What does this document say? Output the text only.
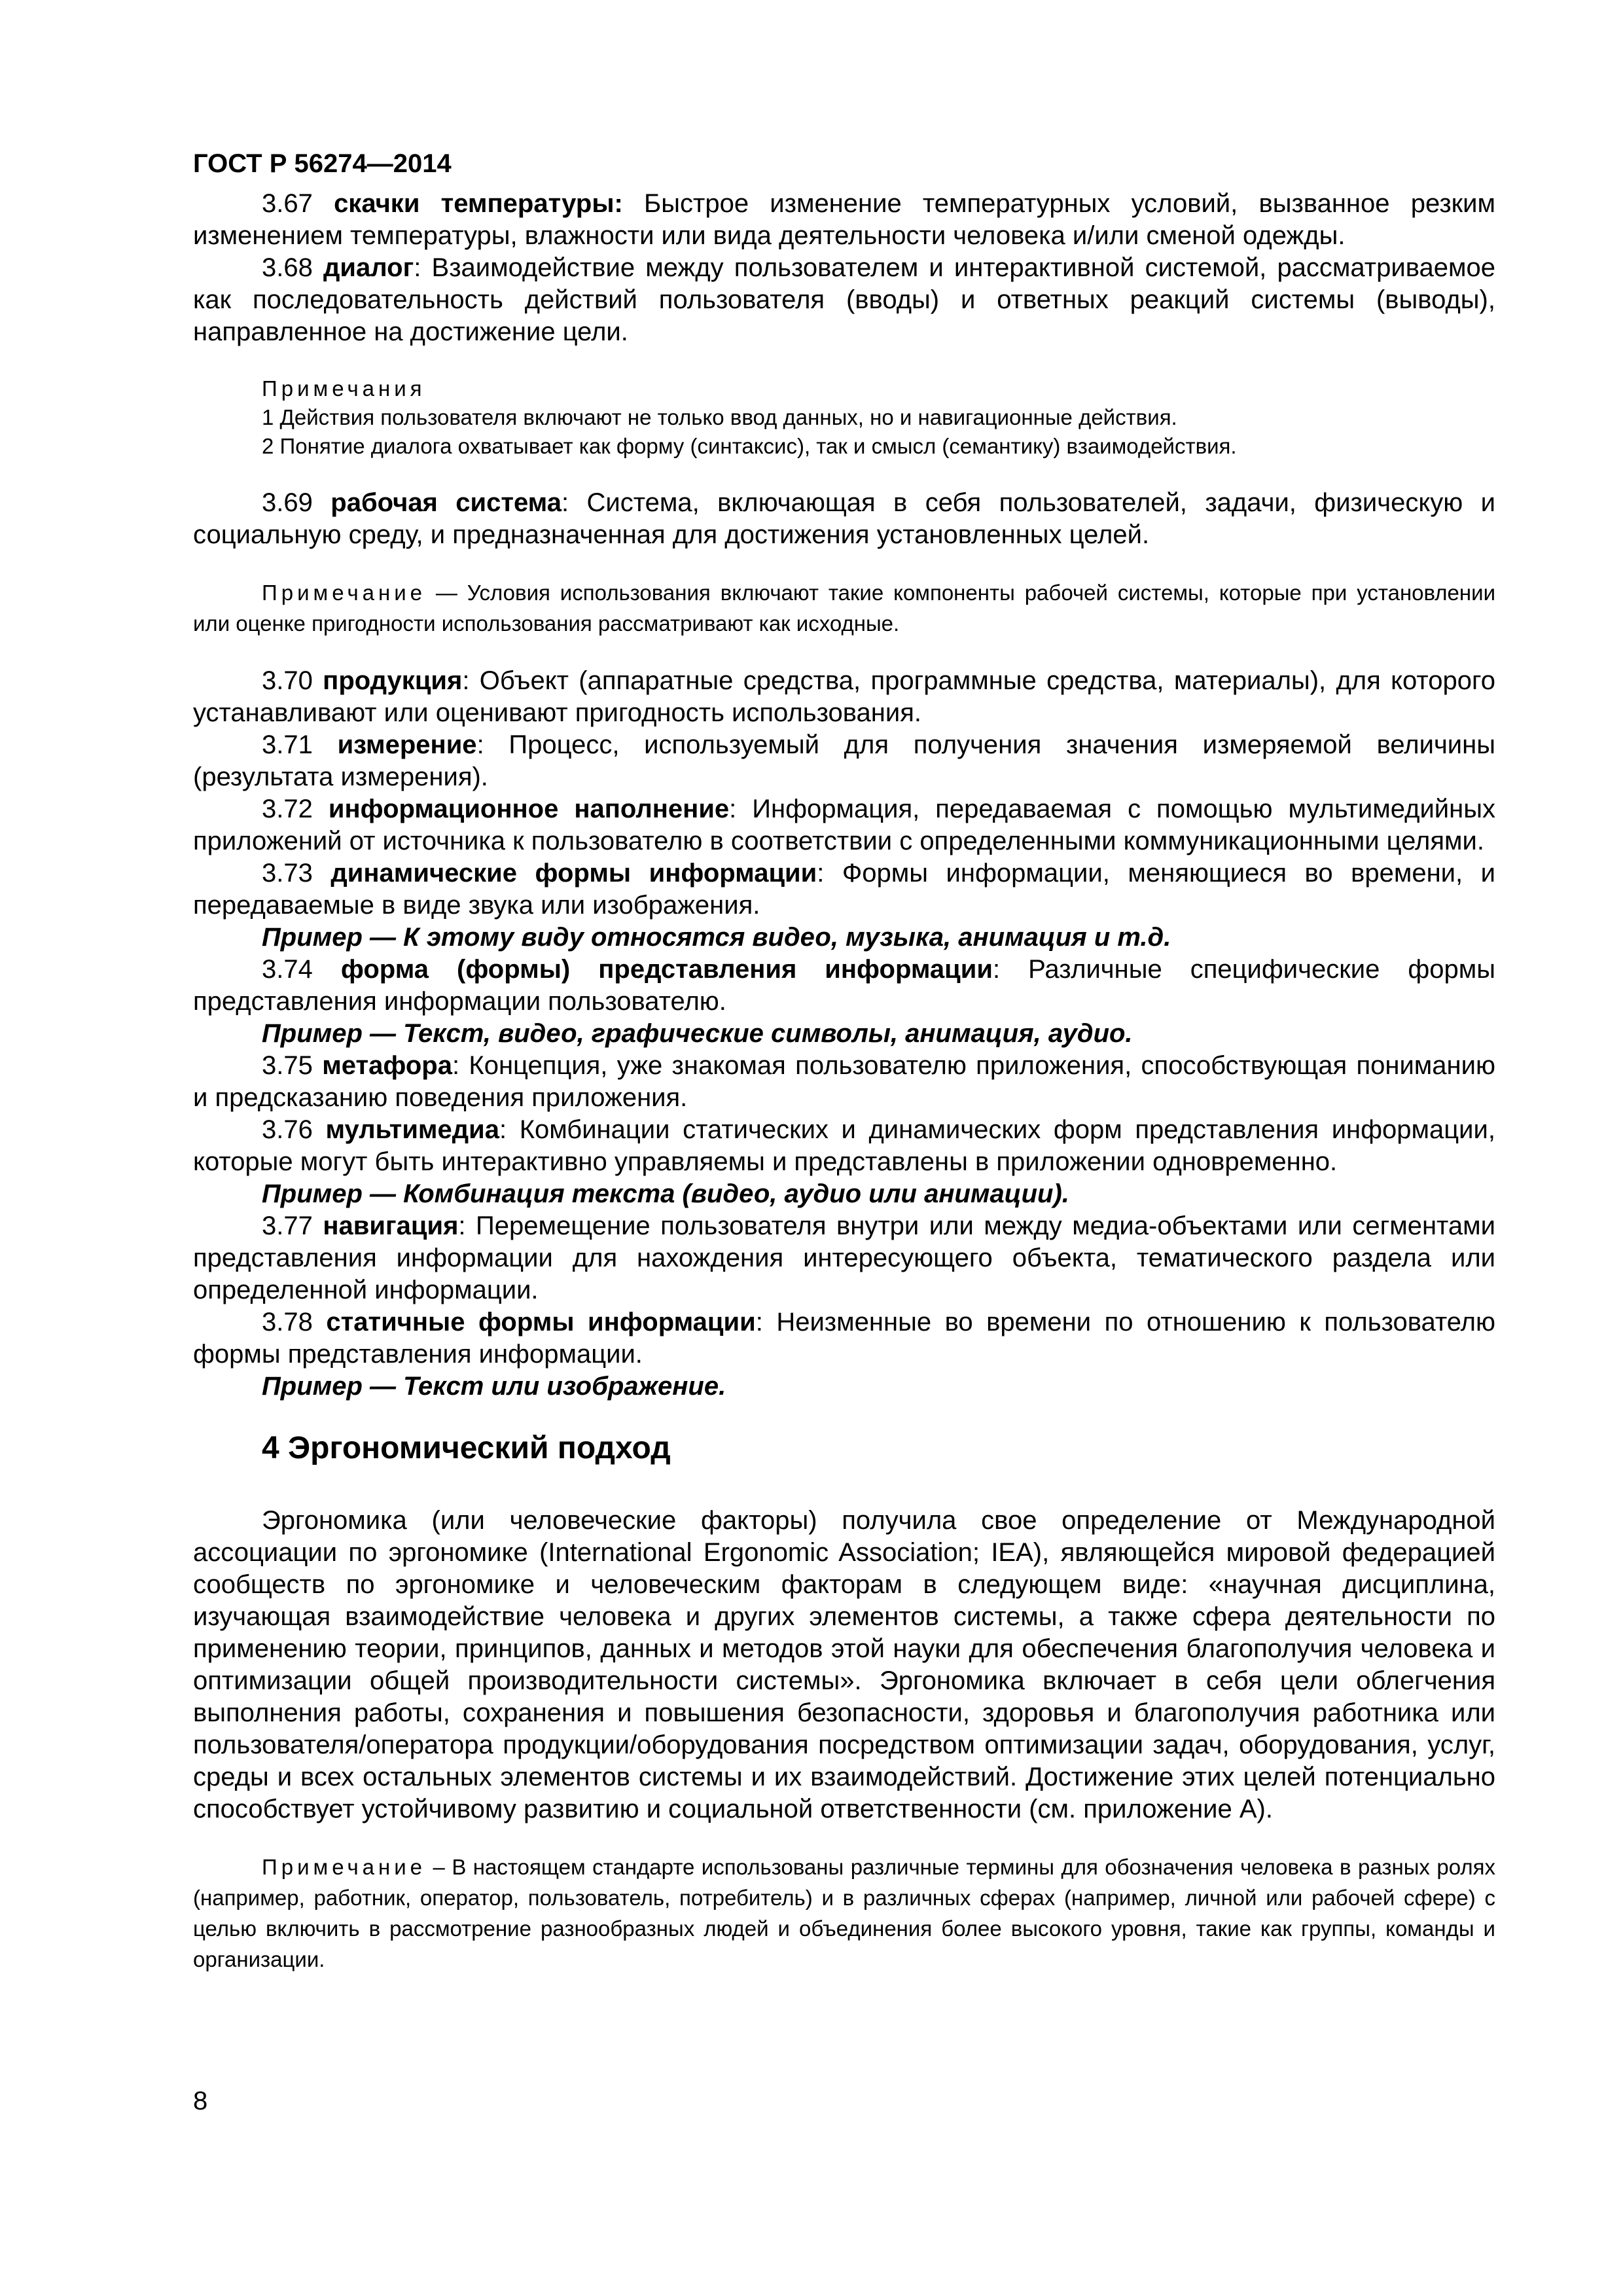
ГОСТ Р 56274—2014

3.67 скачки температуры: Быстрое изменение температурных условий, вызванное резким изменением температуры, влажности или вида деятельности человека и/или сменой одежды.

3.68 диалог: Взаимодействие между пользователем и интерактивной системой, рассматриваемое как последовательность действий пользователя (вводы) и ответных реакций системы (выводы), направленное на достижение цели.

Примечания
1 Действия пользователя включают не только ввод данных, но и навигационные действия.
2 Понятие диалога охватывает как форму (синтаксис), так и смысл (семантику) взаимодействия.

3.69 рабочая система: Система, включающая в себя пользователей, задачи, физическую и социальную среду, и предназначенная для достижения установленных целей.

Примечание — Условия использования включают такие компоненты рабочей системы, которые при установлении или оценке пригодности использования рассматривают как исходные.

3.70 продукция: Объект (аппаратные средства, программные средства, материалы), для которого устанавливают или оценивают пригодность использования.

3.71 измерение: Процесс, используемый для получения значения измеряемой величины (результата измерения).

3.72 информационное наполнение: Информация, передаваемая с помощью мультимедийных приложений от источника к пользователю в соответствии с определенными коммуникационными целями.

3.73 динамические формы информации: Формы информации, меняющиеся во времени, и передаваемые в виде звука или изображения.

Пример — К этому виду относятся видео, музыка, анимация и т.д.

3.74 форма (формы) представления информации: Различные специфические формы представления информации пользователю.

Пример — Текст, видео, графические символы, анимация, аудио.

3.75 метафора: Концепция, уже знакомая пользователю приложения, способствующая пониманию и предсказанию поведения приложения.

3.76 мультимедиа: Комбинации статических и динамических форм представления информации, которые могут быть интерактивно управляемы и представлены в приложении одновременно.

Пример — Комбинация текста (видео, аудио или анимации).

3.77 навигация: Перемещение пользователя внутри или между медиа-объектами или сегментами представления информации для нахождения интересующего объекта, тематического раздела или определенной информации.

3.78 статичные формы информации: Неизменные во времени по отношению к пользователю формы представления информации.

Пример — Текст или изображение.

4 Эргономический подход

Эргономика (или человеческие факторы) получила свое определение от Международной ассоциации по эргономике (International Ergonomic Association; IEA), являющейся мировой федерацией сообществ по эргономике и человеческим факторам в следующем виде: «научная дисциплина, изучающая взаимодействие человека и других элементов системы, а также сфера деятельности по применению теории, принципов, данных и методов этой науки для обеспечения благополучия человека и оптимизации общей производительности системы». Эргономика включает в себя цели облегчения выполнения работы, сохранения и повышения безопасности, здоровья и благополучия работника или пользователя/оператора продукции/оборудования посредством оптимизации задач, оборудования, услуг, среды и всех остальных элементов системы и их взаимодействий. Достижение этих целей потенциально способствует устойчивому развитию и социальной ответственности (см. приложение А).

Примечание – В настоящем стандарте использованы различные термины для обозначения человека в разных ролях (например, работник, оператор, пользователь, потребитель) и в различных сферах (например, личной или рабочей сфере) с целью включить в рассмотрение разнообразных людей и объединения более высокого уровня, такие как группы, команды и организации.

8
